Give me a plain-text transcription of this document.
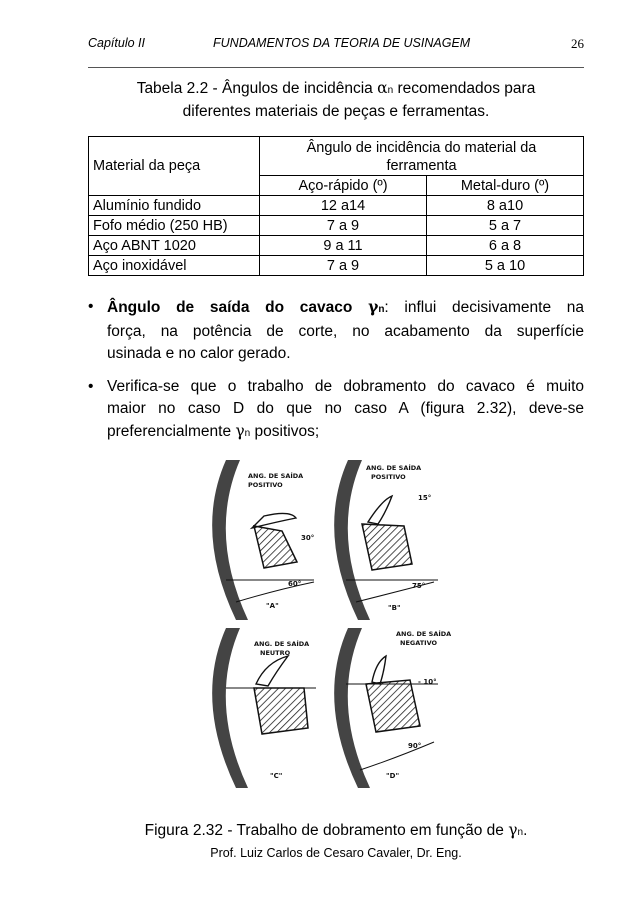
Capítulo II	FUNDAMENTOS DA TEORIA DE USINAGEM	26
Tabela 2.2 - Ângulos de incidência αn recomendados para
diferentes materiais de peças e ferramentas.
Material da peça	Ângulo de incidência do material da
ferramenta	
	Aço-rápido (º)	Metal-duro (º)
Alumínio fundido	12 a14	8 a10
Fofo médio (250 HB)	7 a 9	5 a 7
Aço ABNT 1020	9 a 11	6 a 8
Aço inoxidável	7 a 9	5 a 10
• Ângulo de saída do cavaco γn: influi decisivamente na
força, na potência de corte, no acabamento da superfície
usinada e no calor gerado.
• Verifica-se que o trabalho de dobramento do cavaco é muito
maior no caso D do que no caso A (figura 2.32), deve-se
preferencialmente γn positivos;
ANG. DE SAÍDA
POSITIVO
30°
60°
"A"
ANG. DE SAÍDA
POSITIVO
15°
75°
"B"
ANG. DE SAÍDA
NEUTRO
"C"
ANG. DE SAÍDA
NEGATIVO
- 10°
90°
"D"
Figura 2.32 - Trabalho de dobramento em função de γn.
Prof. Luiz Carlos de Cesaro Cavaler, Dr. Eng.
